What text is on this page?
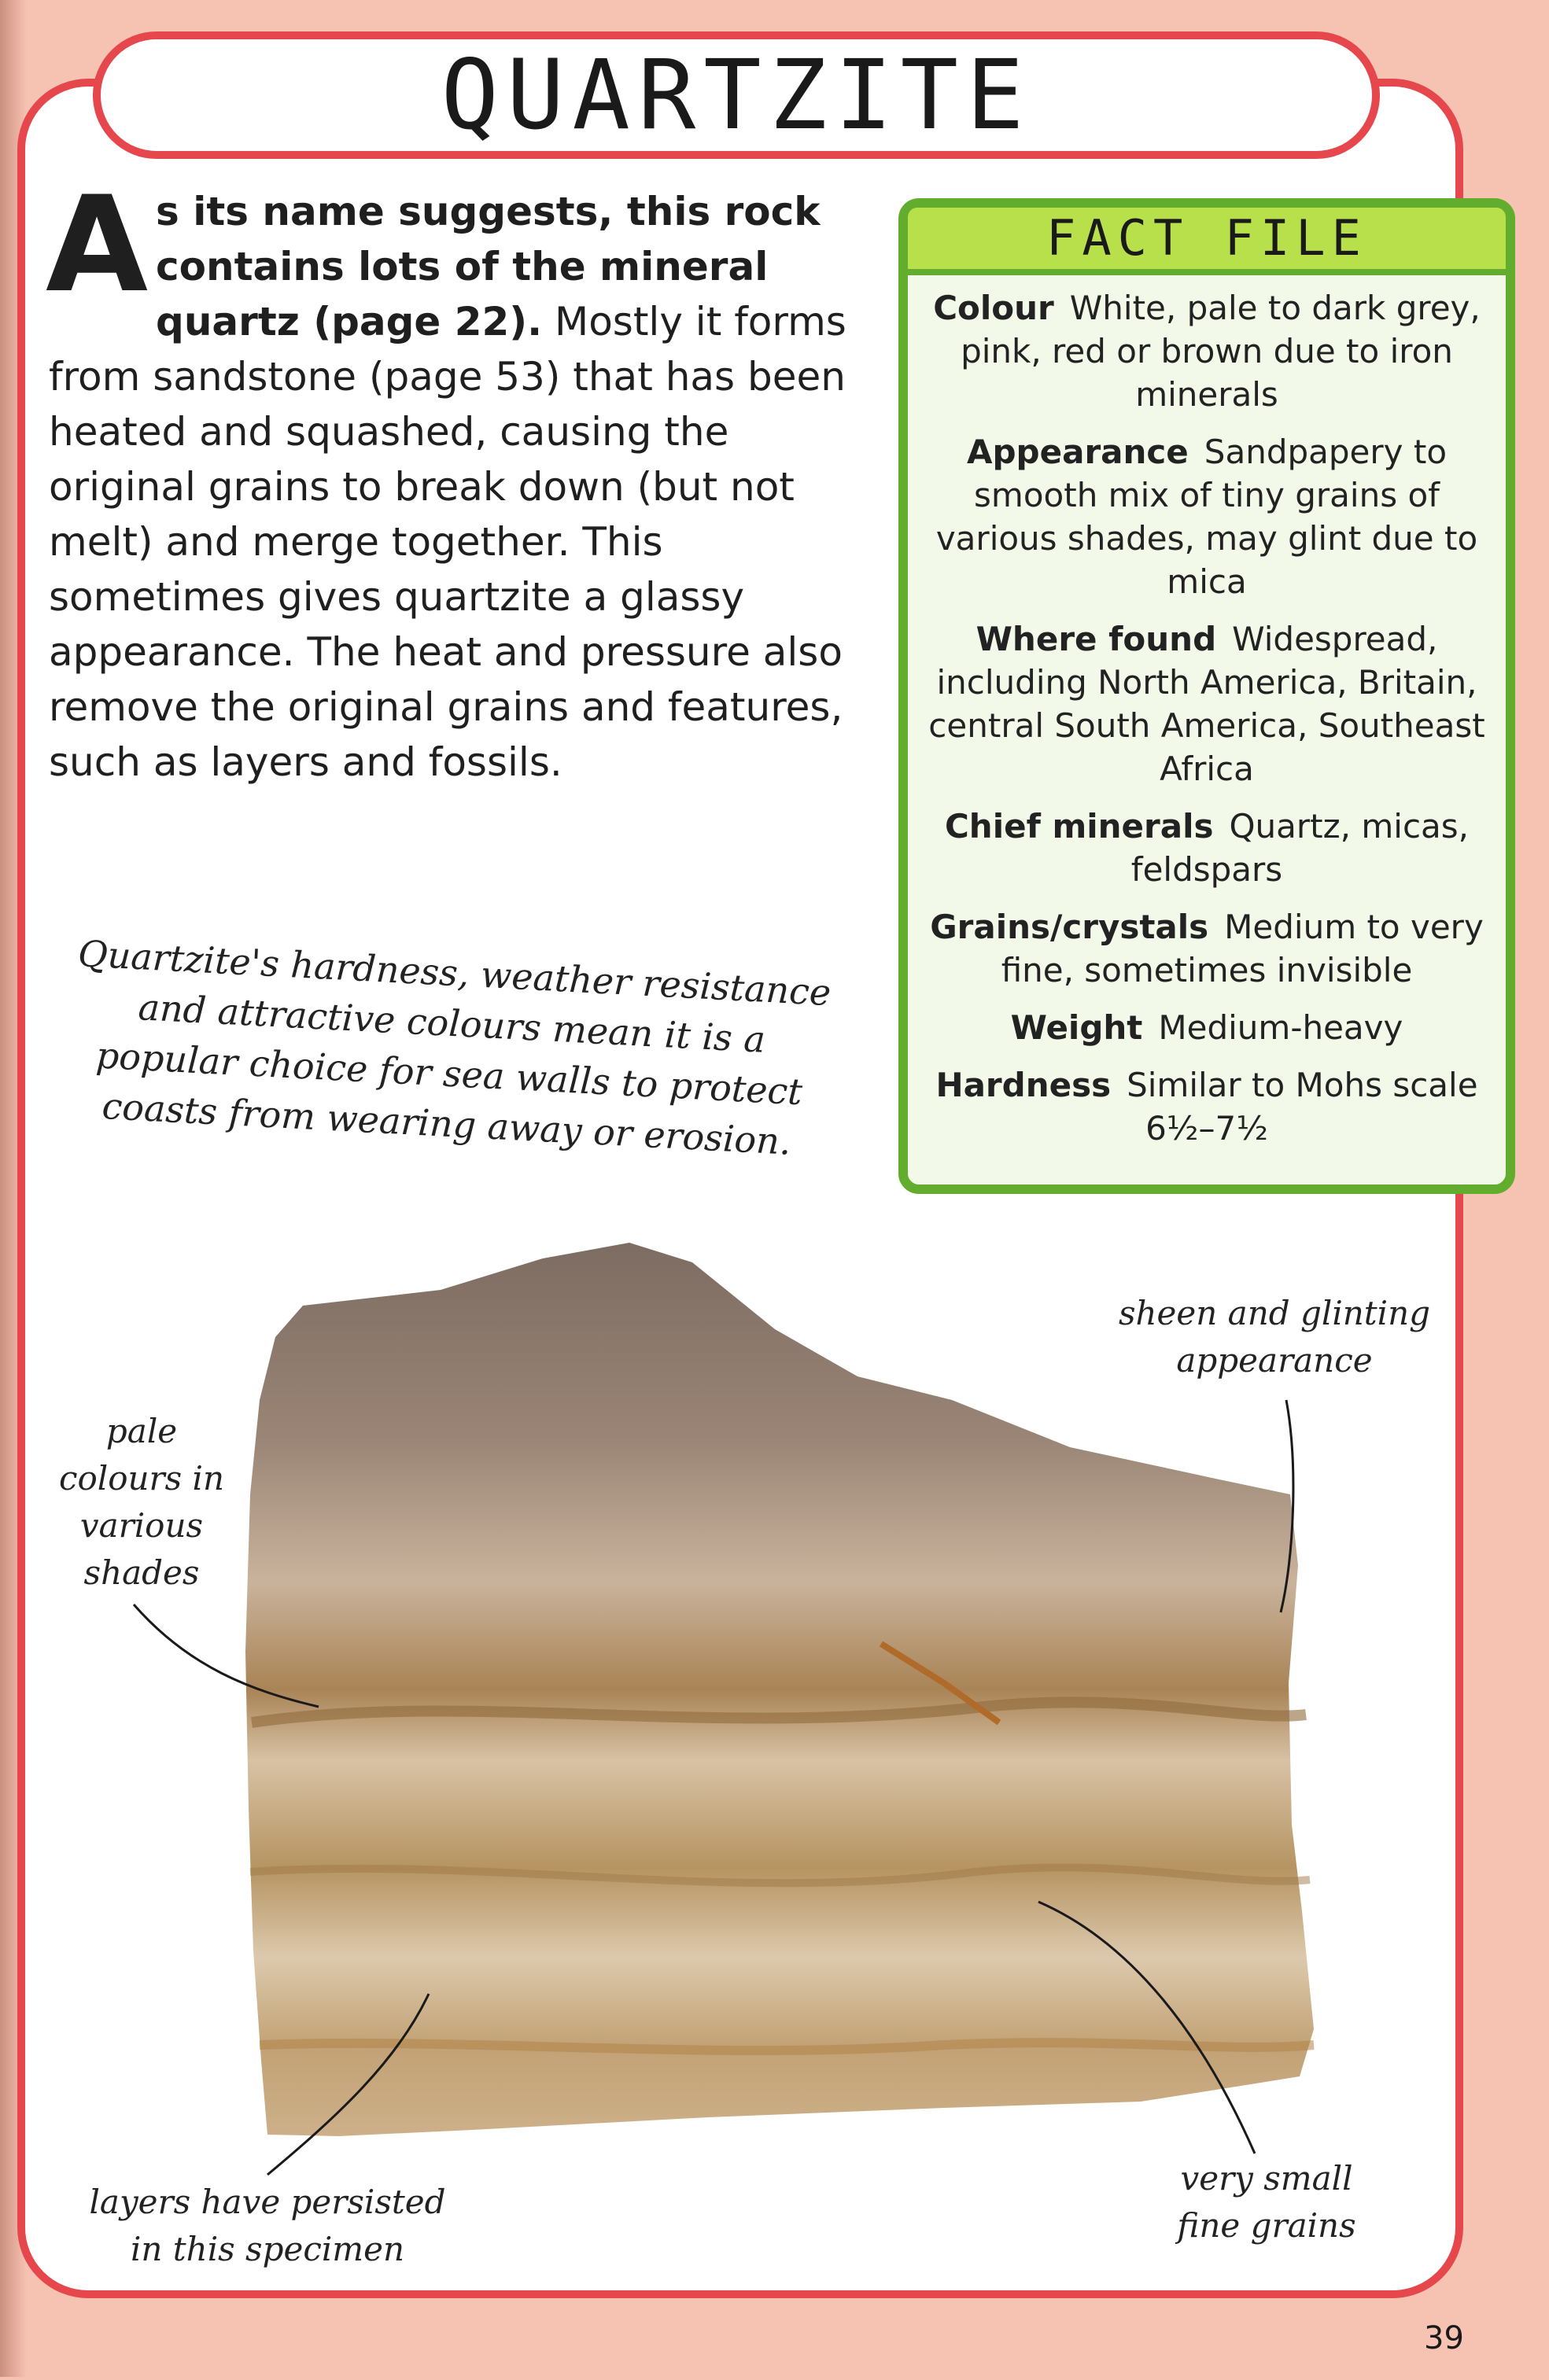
QUARTZITE

As its name suggests, this rock contains lots of the mineral quartz (page 22). Mostly it forms from sandstone (page 53) that has been heated and squashed, causing the original grains to break down (but not melt) and merge together. This sometimes gives quartzite a glassy appearance. The heat and pressure also remove the original grains and features, such as layers and fossils.

FACT FILE
Colour White, pale to dark grey, pink, red or brown due to iron minerals
Appearance Sandpapery to smooth mix of tiny grains of various shades, may glint due to mica
Where found Widespread, including North America, Britain, central South America, Southeast Africa
Chief minerals Quartz, micas, feldspars
Grains/crystals Medium to very fine, sometimes invisible
Weight Medium-heavy
Hardness Similar to Mohs scale 6½–7½
Quartzite's hardness, weather resistance and attractive colours mean it is a popular choice for sea walls to protect coasts from wearing away or erosion.
pale colours in various shades
sheen and glinting appearance
layers have persisted in this specimen
very small fine grains
39
